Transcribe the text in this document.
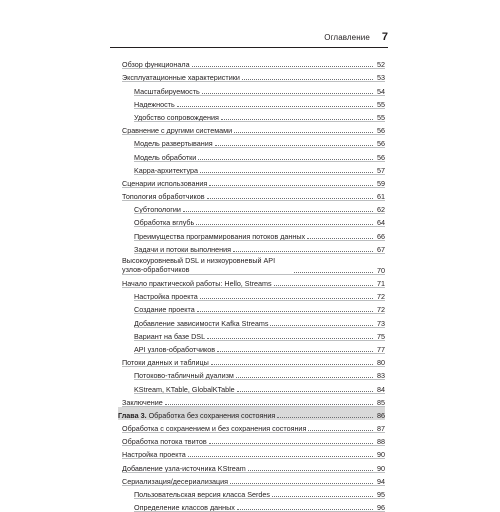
Оглавление 7
Обзор функционала	52
Эксплуатационные характеристики	53
Масштабируемость	54
Надежность	55
Удобство сопровождения	55
Сравнение с другими системами	56
Модель развертывания	56
Модель обработки	56
Kappa-архитектура	57
Сценарии использования	59
Топология обработчиков	61
Субтопологии	62
Обработка вглубь	64
Преимущества программирования потоков данных	66
Задачи и потоки выполнения	67
Высокоуровневый DSL и низкоуровневый API узлов-обработчиков	70
Начало практической работы: Hello, Streams	71
Настройка проекта	72
Создание проекта	72
Добавление зависимости Kafka Streams	73
Вариант на базе DSL	75
API узлов-обработчиков	77
Потоки данных и таблицы	80
Потоково-табличный дуализм	83
KStream, KTable, GlobalKTable	84
Заключение	85
Глава 3. Обработка без сохранения состояния	86
Обработка с сохранением и без сохранения состояния	87
Обработка потока твитов	88
Настройка проекта	90
Добавление узла-источника KStream	90
Сериализация/десериализация	94
Пользовательская версия класса Serdes	95
Определение классов данных	96
